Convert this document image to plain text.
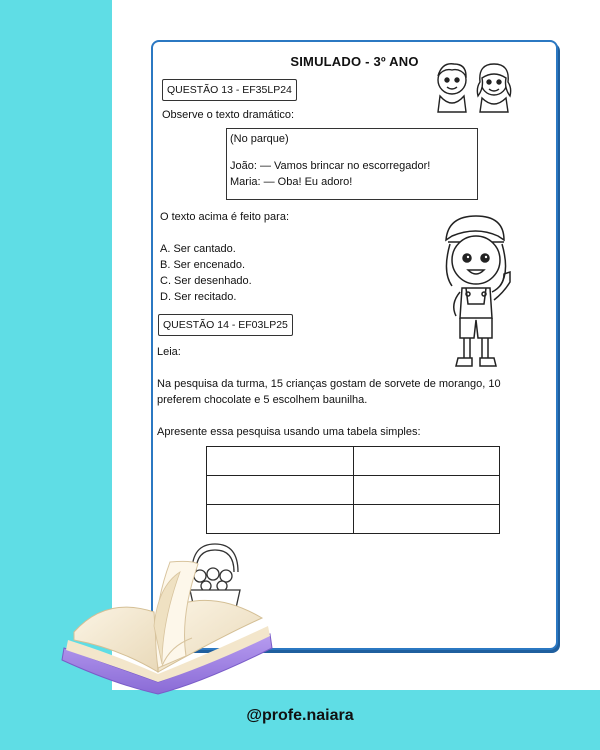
SIMULADO - 3º ANO
QUESTÃO 13 - EF35LP24
Observe o texto dramático:
(No parque)
João: — Vamos brincar no escorregador!
Maria: — Oba! Eu adoro!
O texto acima é feito para:
A. Ser cantado.
B. Ser encenado.
C. Ser desenhado.
D. Ser recitado.
QUESTÃO 14 - EF03LP25
Leia:
Na pesquisa da turma, 15 crianças gostam de sorvete de morango, 10
preferem chocolate e 5 escolhem baunilha.
Apresente essa pesquisa usando uma tabela simples:

@profe.naiara
